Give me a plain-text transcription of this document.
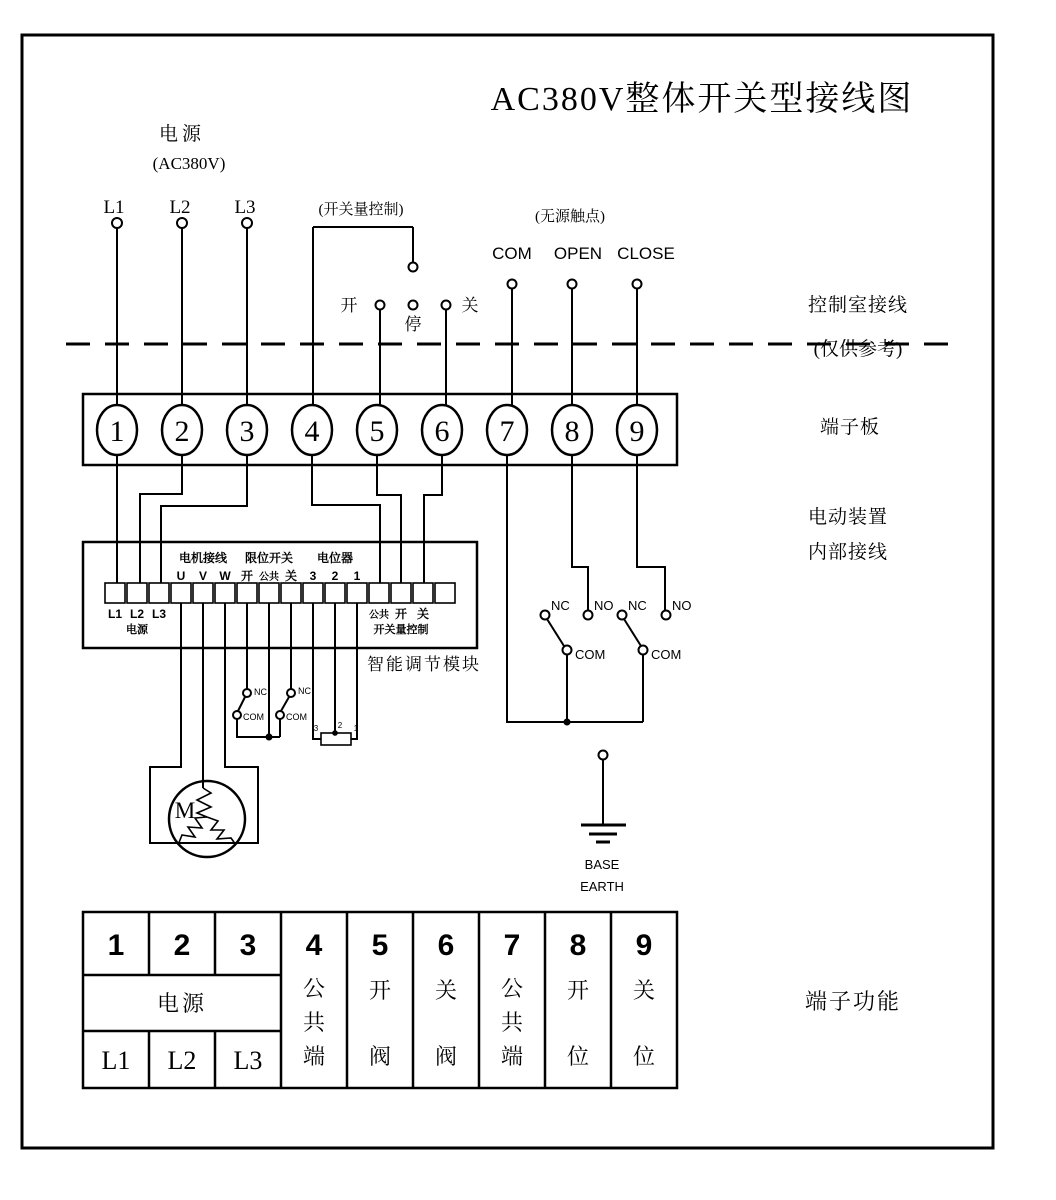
AC380V整体开关型接线图
电源
(AC380V)
L1 L2 L3	(开关量控制)
停
开	关
(无源触点)
COM OPEN CLOSE
控制室接线
(仅供参考)
端子板
电动装置
内部接线
端子功能
1 2 3 4 5 6 7 8 9
电机接线 限位开关 电位器
U V W 开 公共 关 3 2 1
L1 L2 L3
电源
公共 开 关
开关量控制
智能调节模块
M
NC
COM
NC
COM
3 2 1
NC NO
COM
NC NO
COM
BASE
EARTH
1 2 3 4 5 6 7 8 9
电源
L1 L2 L3
公
共
端
开
阀
关
阀
公
共
端
开
位
关
位
